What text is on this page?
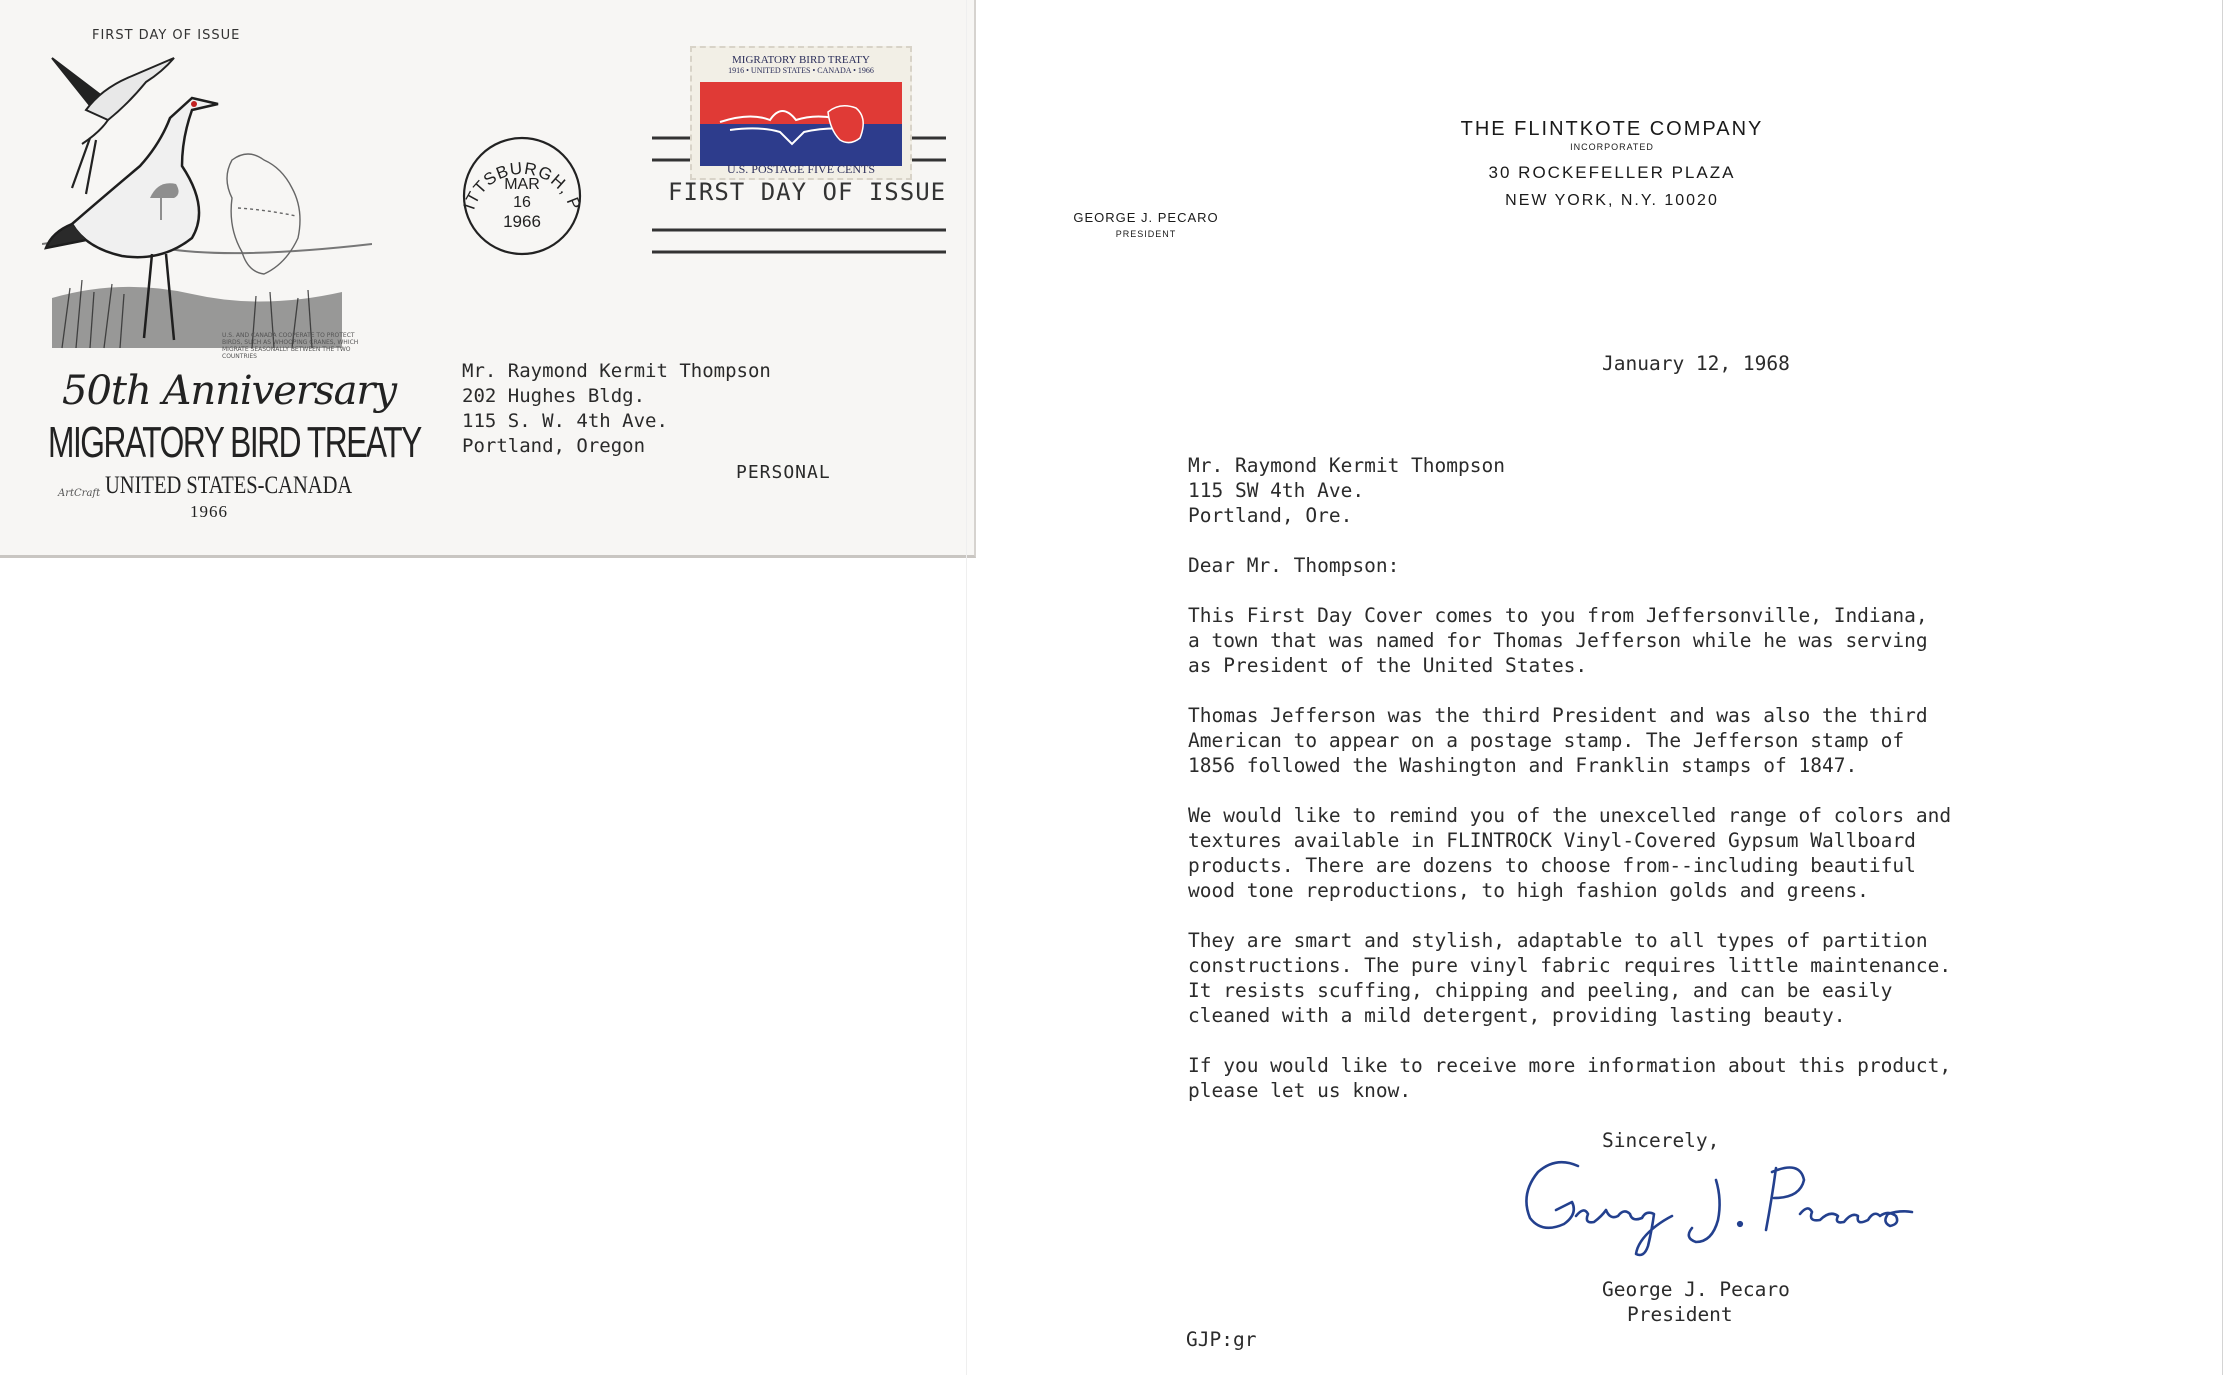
FIRST DAY OF ISSUE
U.S. AND CANADA COOPERATE TO PROTECT BIRDS, SUCH AS WHOOPING CRANES, WHICH MIGRATE SEASONALLY BETWEEN THE TWO COUNTRIES
50th Anniversary
MIGRATORY BIRD TREATY
ArtCraft UNITED STATES-CANADA
1966
ITTSBURGH, P
MAR
16
1966
MIGRATORY BIRD TREATY
1916 • UNITED STATES • CANADA • 1966
U.S. POSTAGE FIVE CENTS
FIRST DAY OF ISSUE
Mr. Raymond Kermit Thompson
202 Hughes Bldg.
115 S. W. 4th Ave.
Portland, Oregon
PERSONAL
THE FLINTKOTE COMPANY
INCORPORATED
30 ROCKEFELLER PLAZA
NEW YORK, N.Y. 10020
GEORGE J. PECARO
PRESIDENT
January 12, 1968
Mr. Raymond Kermit Thompson
115 SW 4th Ave.
Portland, Ore.
Dear Mr. Thompson:
This First Day Cover comes to you from Jeffersonville, Indiana,
a town that was named for Thomas Jefferson while he was serving
as President of the United States.
Thomas Jefferson was the third President and was also the third
American to appear on a postage stamp. The Jefferson stamp of
1856 followed the Washington and Franklin stamps of 1847.
We would like to remind you of the unexcelled range of colors and
textures available in FLINTROCK Vinyl-Covered Gypsum Wallboard
products. There are dozens to choose from--including beautiful
wood tone reproductions, to high fashion golds and greens.
They are smart and stylish, adaptable to all types of partition
constructions. The pure vinyl fabric requires little maintenance.
It resists scuffing, chipping and peeling, and can be easily
cleaned with a mild detergent, providing lasting beauty.
If you would like to receive more information about this product,
please let us know.
Sincerely,
George J. Pecaro
President
GJP:gr
